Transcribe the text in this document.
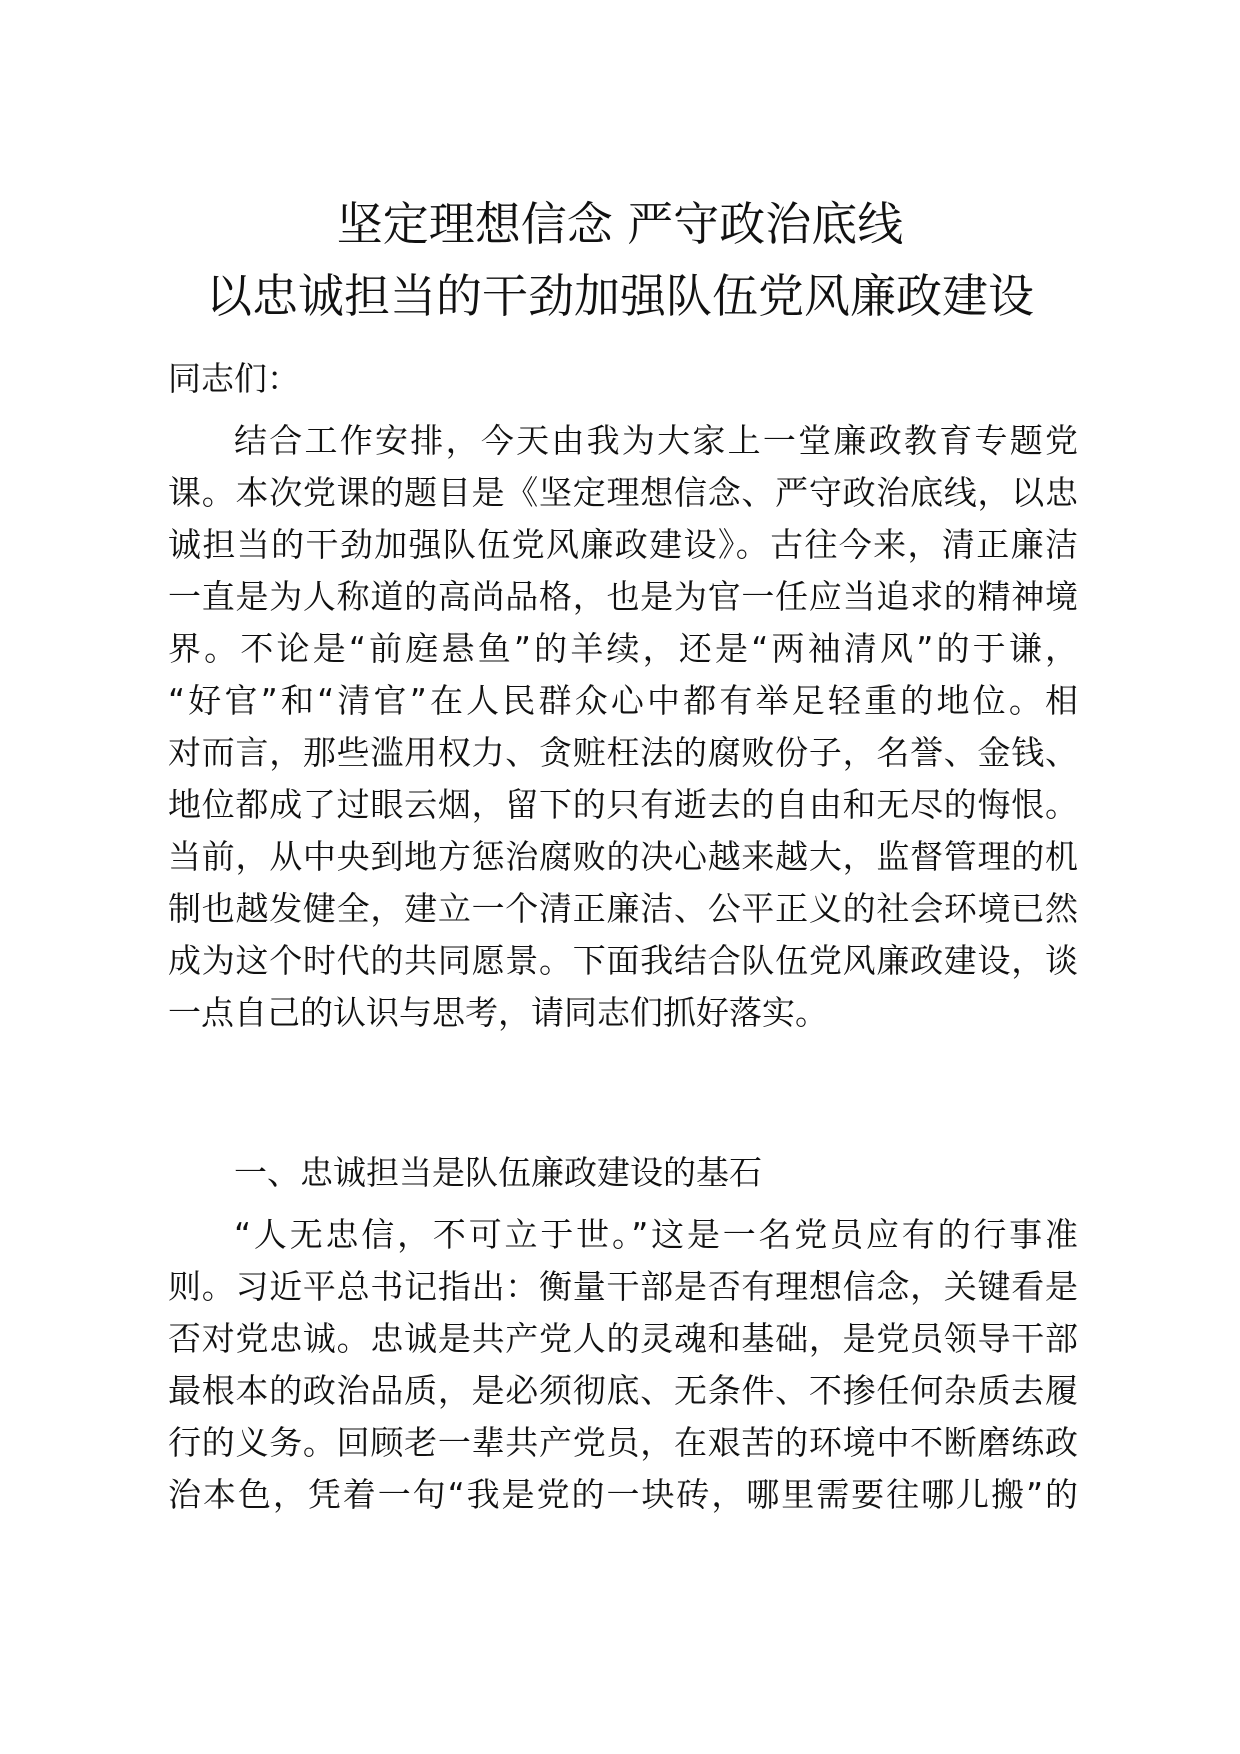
坚定理想信念 严守政治底线
以忠诚担当的干劲加强队伍党风廉政建设

同志们：

结合工作安排，今天由我为大家上一堂廉政教育专题党

课。本次党课的题目是《坚定理想信念、严守政治底线，以忠

诚担当的干劲加强队伍党风廉政建设》。古往今来，清正廉洁

一直是为人称道的高尚品格，也是为官一任应当追求的精神境

界。不论是“前庭悬鱼”的羊续，还是“两袖清风”的于谦，

“好官”和“清官”在人民群众心中都有举足轻重的地位。相

对而言，那些滥用权力、贪赃枉法的腐败份子，名誉、金钱、

地位都成了过眼云烟，留下的只有逝去的自由和无尽的悔恨。

当前，从中央到地方惩治腐败的决心越来越大，监督管理的机

制也越发健全，建立一个清正廉洁、公平正义的社会环境已然

成为这个时代的共同愿景。下面我结合队伍党风廉政建设，谈

一点自己的认识与思考，请同志们抓好落实。

一、忠诚担当是队伍廉政建设的基石

“人无忠信，不可立于世。”这是一名党员应有的行事准

则。习近平总书记指出：衡量干部是否有理想信念，关键看是

否对党忠诚。忠诚是共产党人的灵魂和基础，是党员领导干部

最根本的政治品质，是必须彻底、无条件、不掺任何杂质去履

行的义务。回顾老一辈共产党员，在艰苦的环境中不断磨练政

治本色，凭着一句“我是党的一块砖，哪里需要往哪儿搬”的
